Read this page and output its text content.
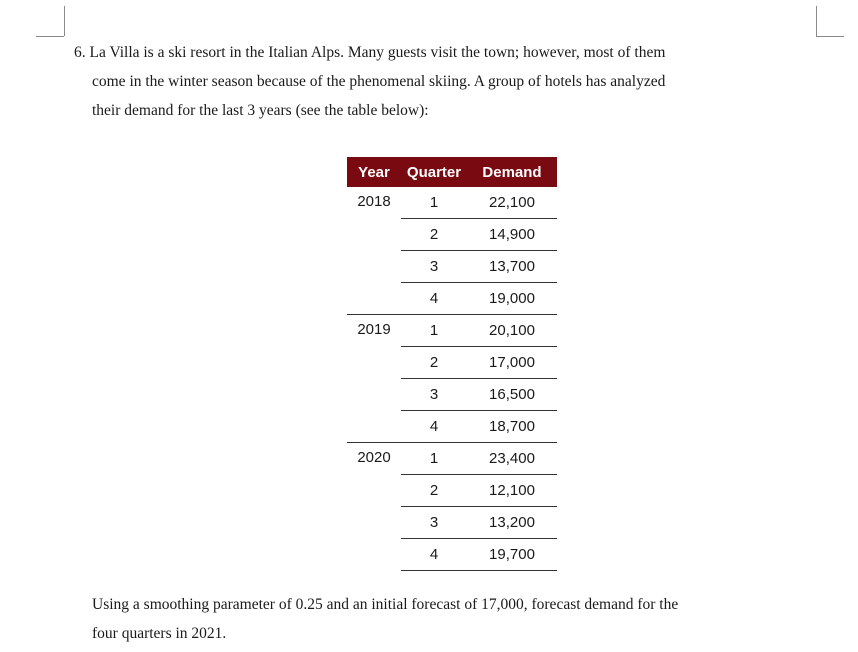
6. La Villa is a ski resort in the Italian Alps. Many guests visit the town; however, most of them
come in the winter season because of the phenomenal skiing. A group of hotels has analyzed
their demand for the last 3 years (see the table below):
Year	Quarter	Demand
2018	1	22,100
	2	14,900
	3	13,700
	4	19,000
2019	1	20,100
	2	17,000
	3	16,500
	4	18,700
2020	1	23,400
	2	12,100
	3	13,200
	4	19,700
Using a smoothing parameter of 0.25 and an initial forecast of 17,000, forecast demand for the
four quarters in 2021.
